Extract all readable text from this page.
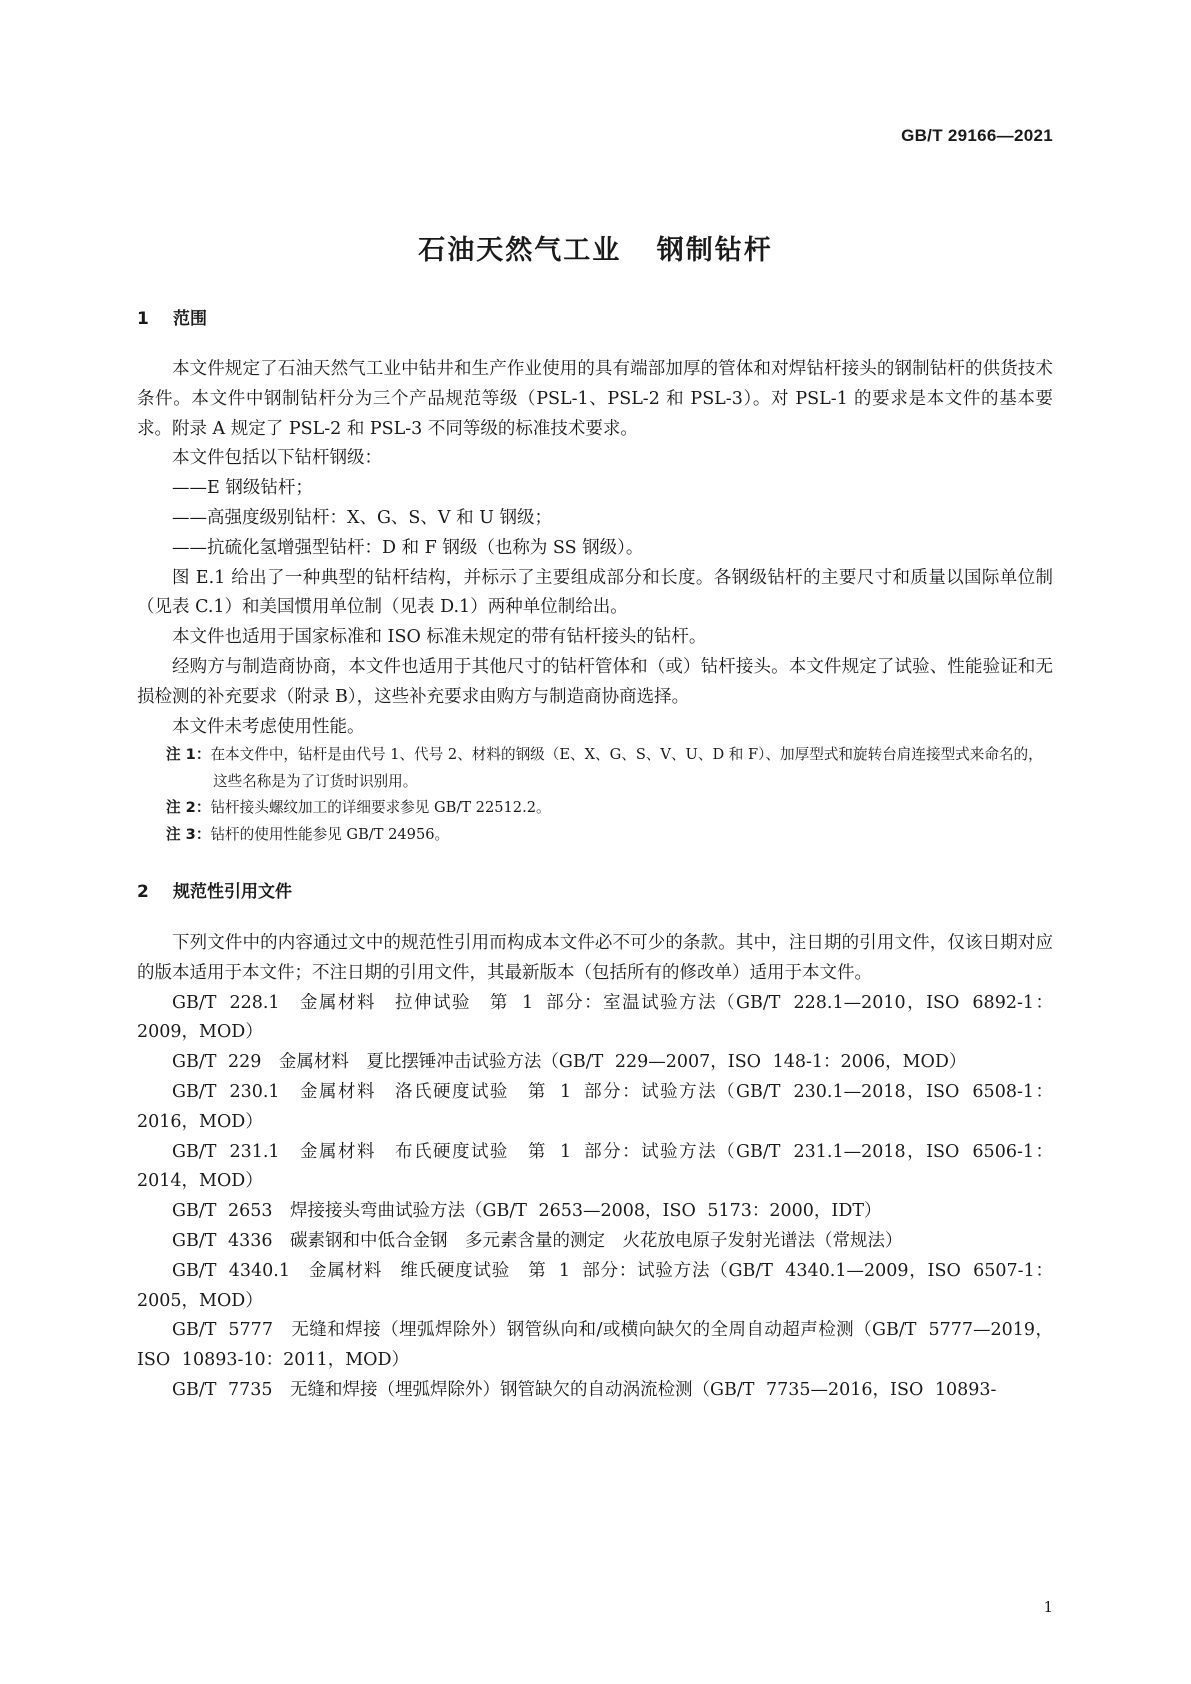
GB/T 29166—2021
石油天然气工业 钢制钻杆
1 范围

本文件规定了石油天然气工业中钻井和生产作业使用的具有端部加厚的管体和对焊钻杆接头的钢制钻杆的供货技术条件。本文件中钢制钻杆分为三个产品规范等级（PSL-1、PSL-2 和 PSL-3）。对 PSL-1 的要求是本文件的基本要求。附录 A 规定了 PSL-2 和 PSL-3 不同等级的标准技术要求。

本文件包括以下钻杆钢级：

——E 钢级钻杆；

——高强度级别钻杆：X、G、S、V 和 U 钢级；

——抗硫化氢增强型钻杆：D 和 F 钢级（也称为 SS 钢级）。

图 E.1 给出了一种典型的钻杆结构，并标示了主要组成部分和长度。各钢级钻杆的主要尺寸和质量以国际单位制（见表 C.1）和美国惯用单位制（见表 D.1）两种单位制给出。

本文件也适用于国家标准和 ISO 标准未规定的带有钻杆接头的钻杆。

经购方与制造商协商，本文件也适用于其他尺寸的钻杆管体和（或）钻杆接头。本文件规定了试验、性能验证和无损检测的补充要求（附录 B），这些补充要求由购方与制造商协商选择。

本文件未考虑使用性能。

注 1：在本文件中，钻杆是由代号 1、代号 2、材料的钢级（E、X、G、S、V、U、D 和 F）、加厚型式和旋转台肩连接型式来命名的，这些名称是为了订货时识别用。

注 2：钻杆接头螺纹加工的详细要求参见 GB/T 22512.2。

注 3：钻杆的使用性能参见 GB/T 24956。

2 规范性引用文件

下列文件中的内容通过文中的规范性引用而构成本文件必不可少的条款。其中，注日期的引用文件，仅该日期对应的版本适用于本文件；不注日期的引用文件，其最新版本（包括所有的修改单）适用于本文件。

GB/T 228.1　金属材料　拉伸试验　第 1 部分：室温试验方法（GB/T 228.1—2010，ISO 6892-1：2009，MOD）

GB/T 229　金属材料　夏比摆锤冲击试验方法（GB/T 229—2007，ISO 148-1：2006，MOD）

GB/T 230.1　金属材料　洛氏硬度试验　第 1 部分：试验方法（GB/T 230.1—2018，ISO 6508-1：2016，MOD）

GB/T 231.1　金属材料　布氏硬度试验　第 1 部分：试验方法（GB/T 231.1—2018，ISO 6506-1：2014，MOD）

GB/T 2653　焊接接头弯曲试验方法（GB/T 2653—2008，ISO 5173：2000，IDT）

GB/T 4336　碳素钢和中低合金钢　多元素含量的测定　火花放电原子发射光谱法（常规法）

GB/T 4340.1　金属材料　维氏硬度试验　第 1 部分：试验方法（GB/T 4340.1—2009，ISO 6507-1：2005，MOD）

GB/T 5777　无缝和焊接（埋弧焊除外）钢管纵向和/或横向缺欠的全周自动超声检测（GB/T 5777—2019，ISO 10893-10：2011，MOD）

GB/T 7735　无缝和焊接（埋弧焊除外）钢管缺欠的自动涡流检测（GB/T 7735—2016，ISO 10893-

1
